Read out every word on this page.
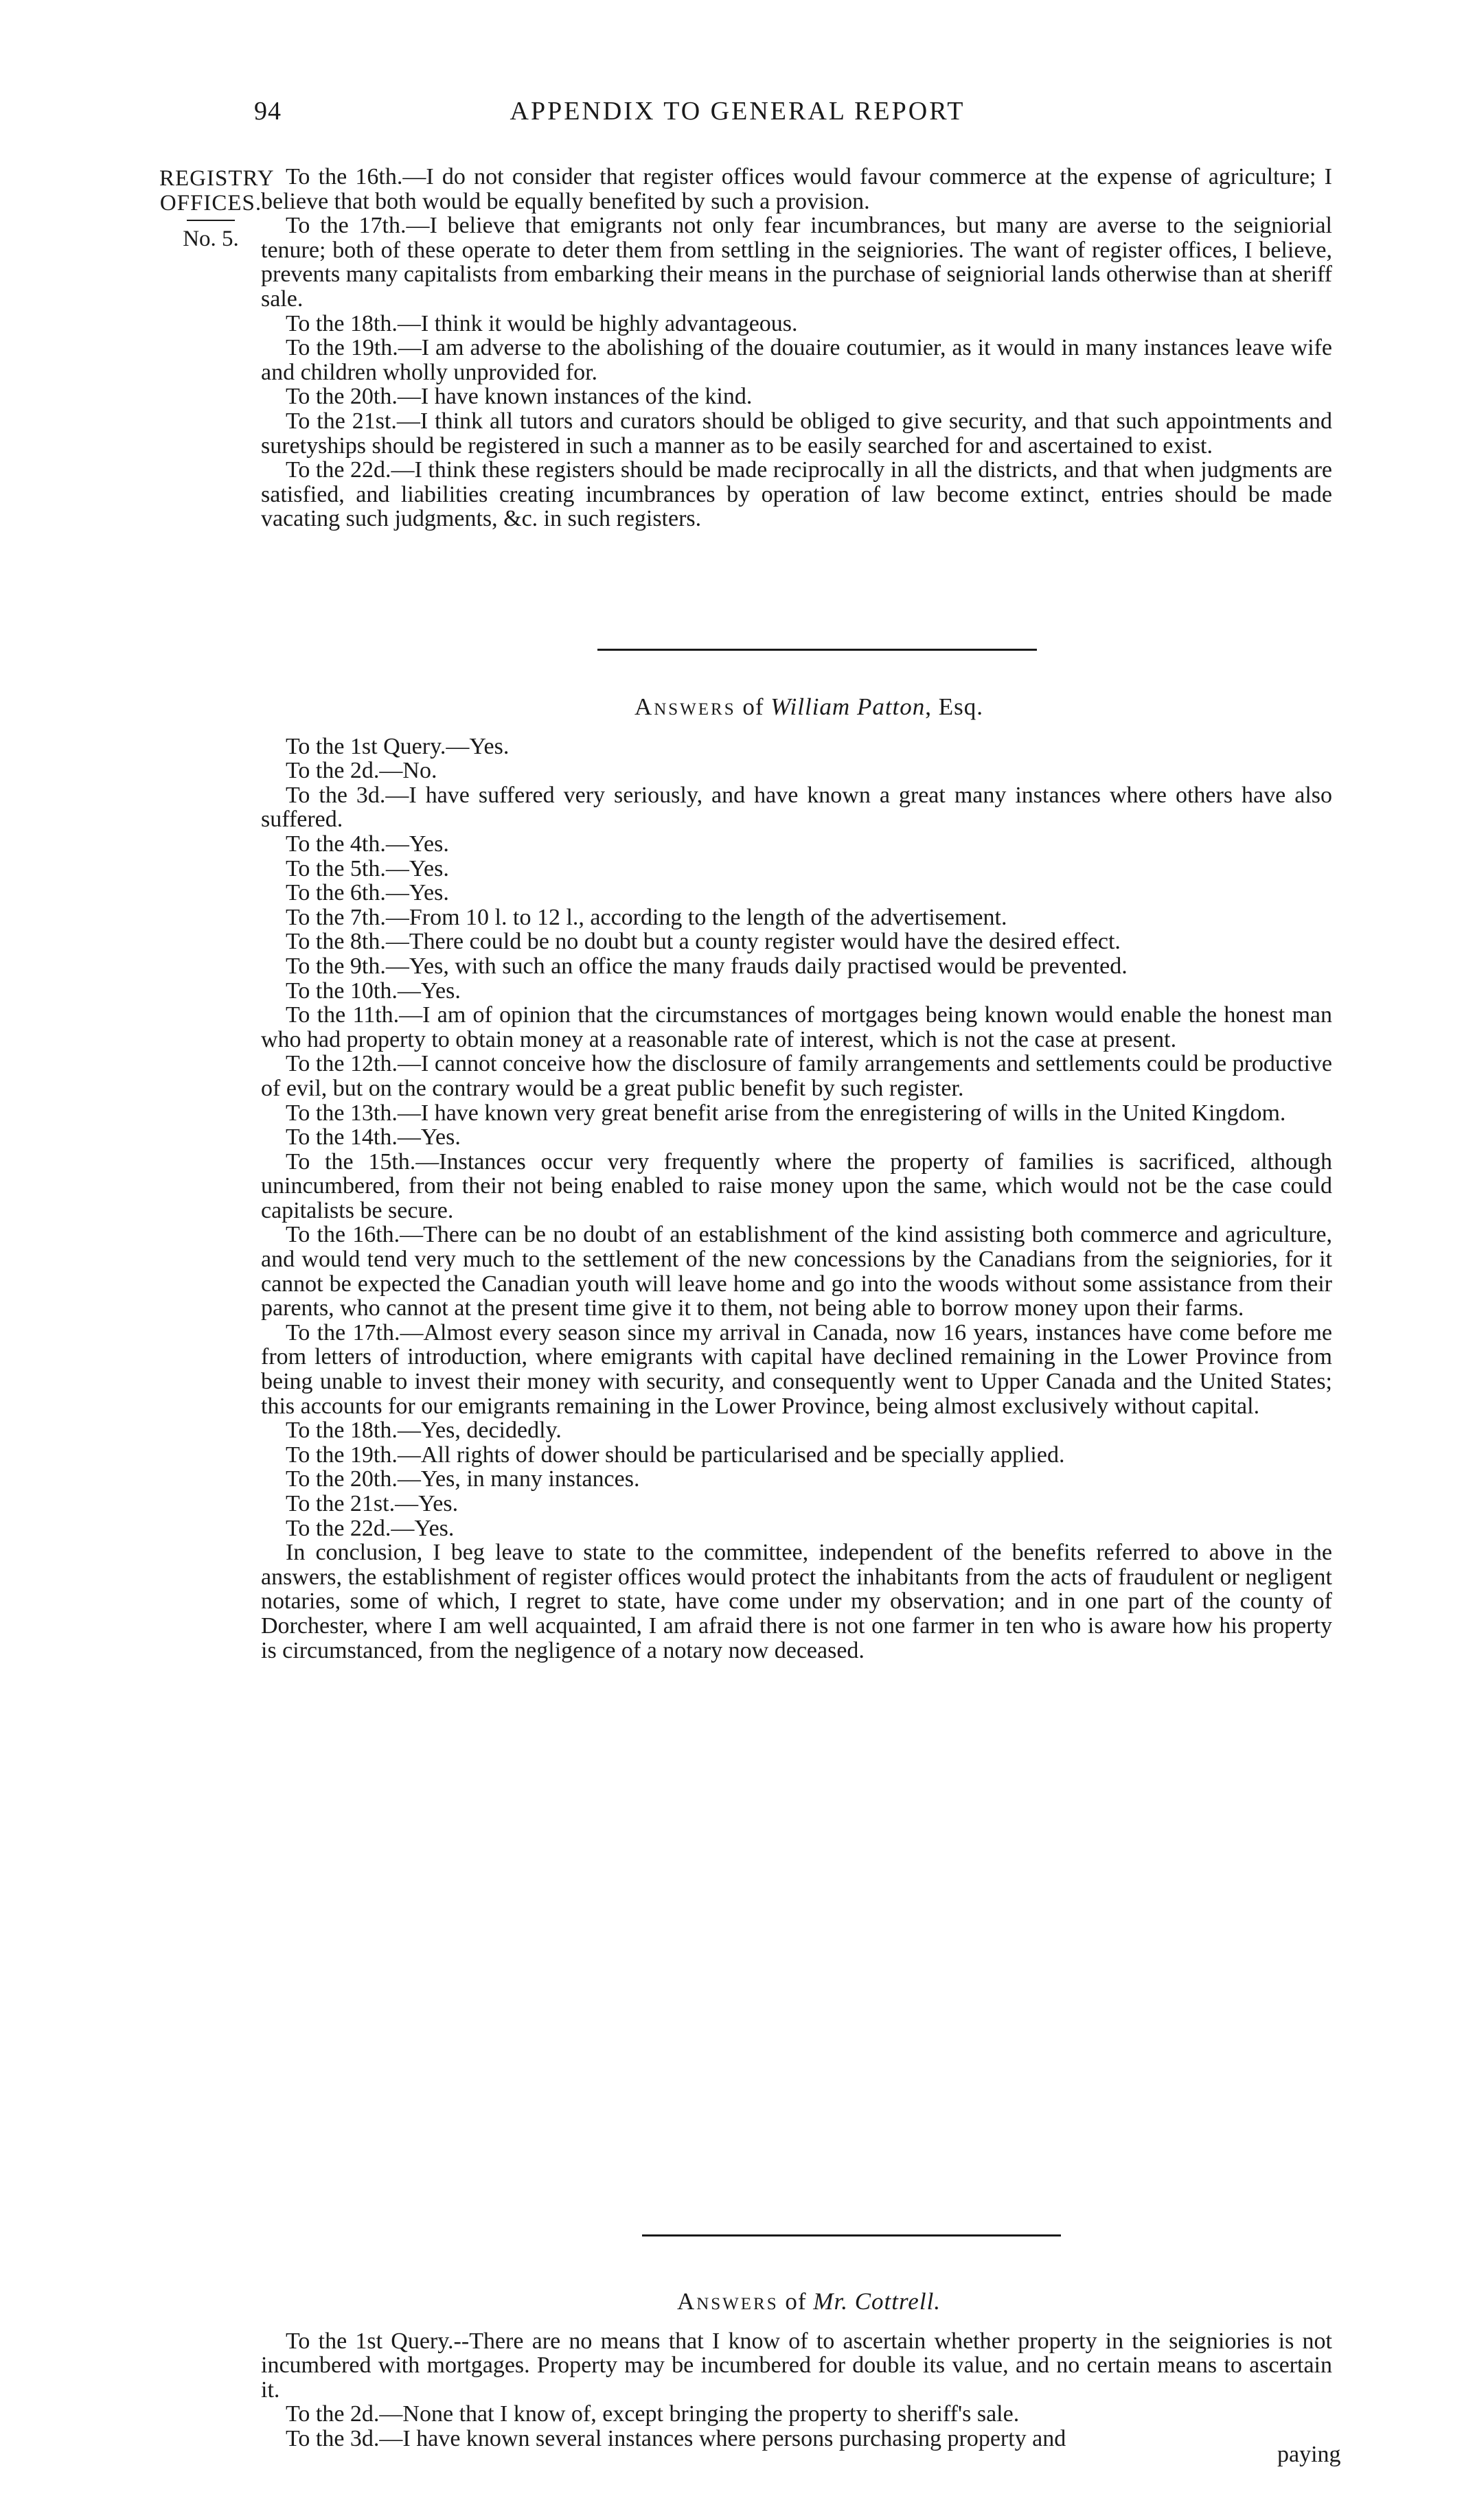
94	APPENDIX TO GENERAL REPORT
REGISTRY
OFFICES.
No. 5.

To the 16th.—I do not consider that register offices would favour commerce at the expense of agriculture; I believe that both would be equally benefited by such a provision.

To the 17th.—I believe that emigrants not only fear incumbrances, but many are averse to the seigniorial tenure; both of these operate to deter them from settling in the seigniories. The want of register offices, I believe, prevents many capitalists from embarking their means in the purchase of seigniorial lands otherwise than at sheriff sale.

To the 18th.—I think it would be highly advantageous.

To the 19th.—I am adverse to the abolishing of the douaire coutumier, as it would in many instances leave wife and children wholly unprovided for.

To the 20th.—I have known instances of the kind.

To the 21st.—I think all tutors and curators should be obliged to give security, and that such appointments and suretyships should be registered in such a manner as to be easily searched for and ascertained to exist.

To the 22d.—I think these registers should be made reciprocally in all the districts, and that when judgments are satisfied, and liabilities creating incumbrances by operation of law become extinct, entries should be made vacating such judgments, &c. in such registers.

Answers of William Patton, Esq.

To the 1st Query.—Yes.

To the 2d.—No.

To the 3d.—I have suffered very seriously, and have known a great many instances where others have also suffered.

To the 4th.—Yes.

To the 5th.—Yes.

To the 6th.—Yes.

To the 7th.—From 10 l. to 12 l., according to the length of the advertisement.

To the 8th.—There could be no doubt but a county register would have the desired effect.

To the 9th.—Yes, with such an office the many frauds daily practised would be prevented.

To the 10th.—Yes.

To the 11th.—I am of opinion that the circumstances of mortgages being known would enable the honest man who had property to obtain money at a reasonable rate of interest, which is not the case at present.

To the 12th.—I cannot conceive how the disclosure of family arrangements and settlements could be productive of evil, but on the contrary would be a great public benefit by such register.

To the 13th.—I have known very great benefit arise from the enregistering of wills in the United Kingdom.

To the 14th.—Yes.

To the 15th.—Instances occur very frequently where the property of families is sacrificed, although unincumbered, from their not being enabled to raise money upon the same, which would not be the case could capitalists be secure.

To the 16th.—There can be no doubt of an establishment of the kind assisting both commerce and agriculture, and would tend very much to the settlement of the new concessions by the Canadians from the seigniories, for it cannot be expected the Canadian youth will leave home and go into the woods without some assistance from their parents, who cannot at the present time give it to them, not being able to borrow money upon their farms.

To the 17th.—Almost every season since my arrival in Canada, now 16 years, instances have come before me from letters of introduction, where emigrants with capital have declined remaining in the Lower Province from being unable to invest their money with security, and consequently went to Upper Canada and the United States; this accounts for our emigrants remaining in the Lower Province, being almost exclusively without capital.

To the 18th.—Yes, decidedly.

To the 19th.—All rights of dower should be particularised and be specially applied.

To the 20th.—Yes, in many instances.

To the 21st.—Yes.

To the 22d.—Yes.

In conclusion, I beg leave to state to the committee, independent of the benefits referred to above in the answers, the establishment of register offices would protect the inhabitants from the acts of fraudulent or negligent notaries, some of which, I regret to state, have come under my observation; and in one part of the county of Dorchester, where I am well acquainted, I am afraid there is not one farmer in ten who is aware how his property is circumstanced, from the negligence of a notary now deceased.

Answers of Mr. Cottrell.

To the 1st Query.--There are no means that I know of to ascertain whether property in the seigniories is not incumbered with mortgages. Property may be incumbered for double its value, and no certain means to ascertain it.

To the 2d.—None that I know of, except bringing the property to sheriff's sale.

To the 3d.—I have known several instances where persons purchasing property and

paying
